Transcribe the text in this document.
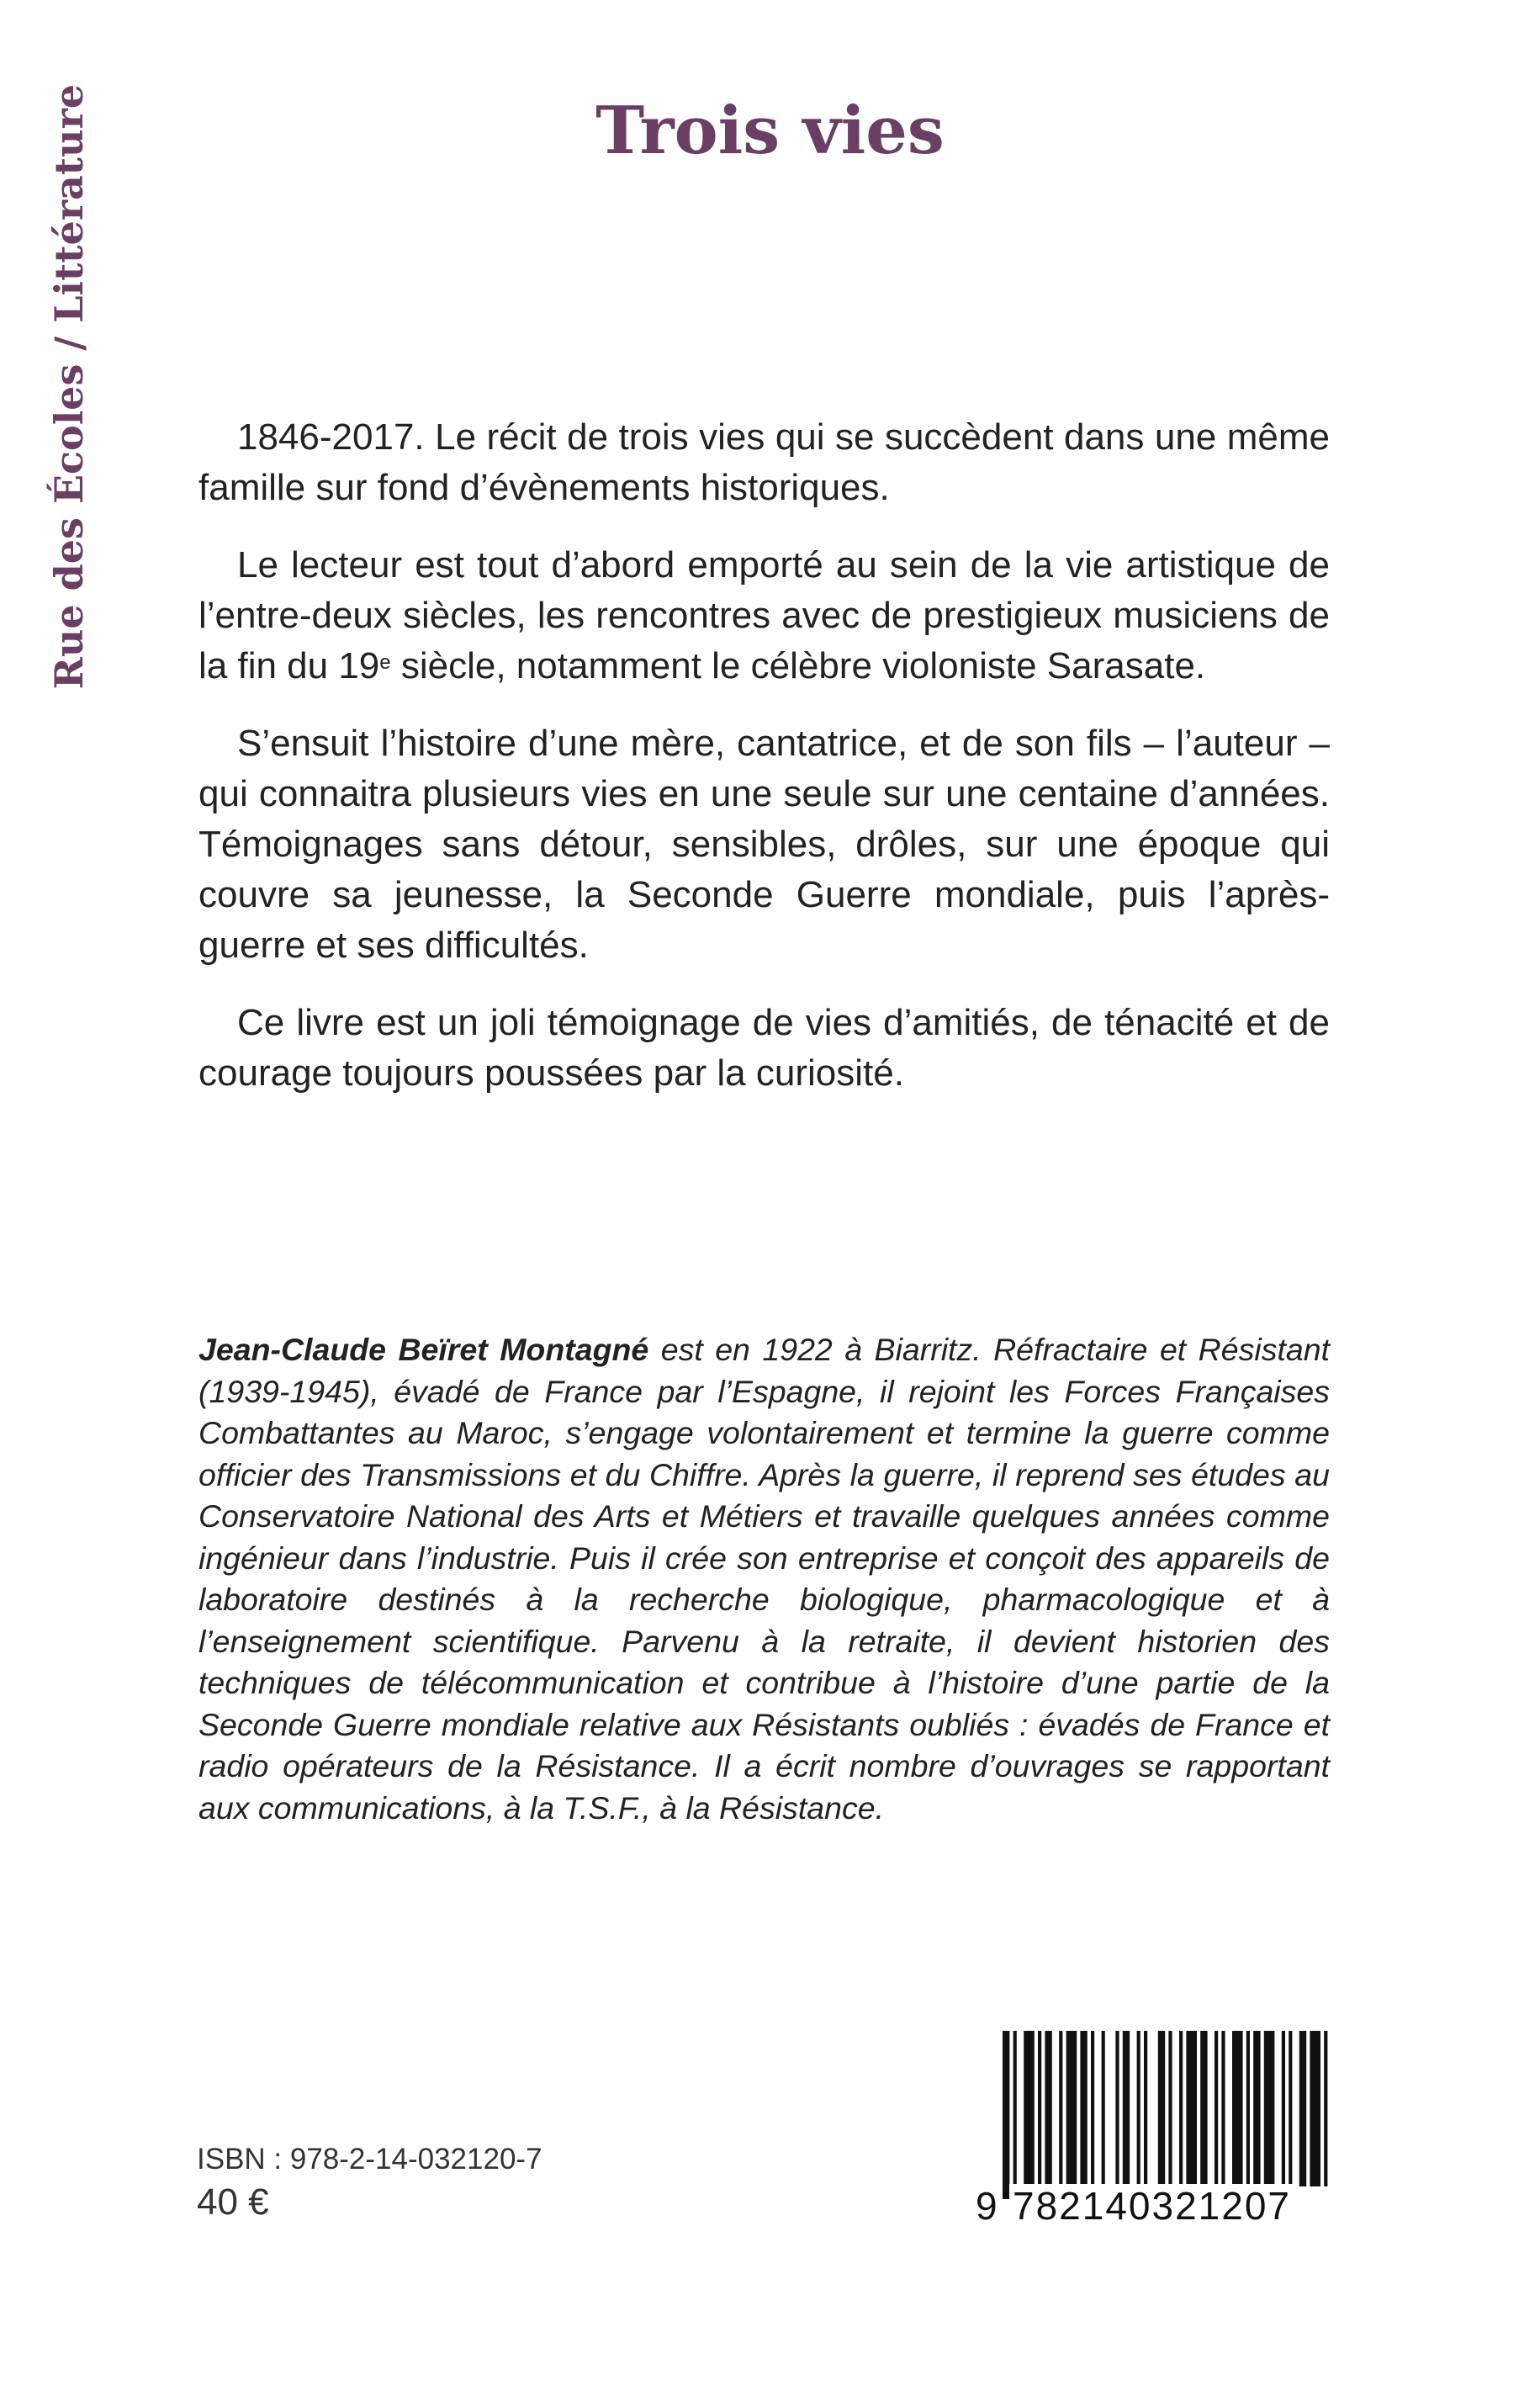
Rue des Écoles / Littérature	Trois vies

1846-2017. Le récit de trois vies qui se succèdent dans une même famille sur fond d’évènements historiques.

Le lecteur est tout d’abord emporté au sein de la vie artistique de l’entre-deux siècles, les rencontres avec de prestigieux musiciens de la fin du 19e siècle, notamment le célèbre violoniste Sarasate.

S’ensuit l’histoire d’une mère, cantatrice, et de son fils – l’auteur – qui connaitra plusieurs vies en une seule sur une centaine d’années. Témoignages sans détour, sensibles, drôles, sur une époque qui couvre sa jeunesse, la Seconde Guerre mondiale, puis l’après-guerre et ses difficultés.

Ce livre est un joli témoignage de vies d’amitiés, de ténacité et de courage toujours poussées par la curiosité.

Jean-Claude Beïret Montagné est en 1922 à Biarritz. Réfractaire et Résistant (1939-1945), évadé de France par l’Espagne, il rejoint les Forces Françaises Combattantes au Maroc, s’engage volontairement et termine la guerre comme officier des Transmissions et du Chiffre. Après la guerre, il reprend ses études au Conservatoire National des Arts et Métiers et travaille quelques années comme ingénieur dans l’industrie. Puis il crée son entreprise et conçoit des appareils de laboratoire destinés à la recherche biologique, pharmacologique et à l’enseignement scientifique. Parvenu à la retraite, il devient historien des techniques de télécommunication et contribue à l’histoire d’une partie de la Seconde Guerre mondiale relative aux Résistants oubliés : évadés de France et radio opérateurs de la Résistance. Il a écrit nombre d’ouvrages se rapportant aux communications, à la T.S.F., à la Résistance.

ISBN : 978-2-14-032120-7
40 €	9 782140321207
